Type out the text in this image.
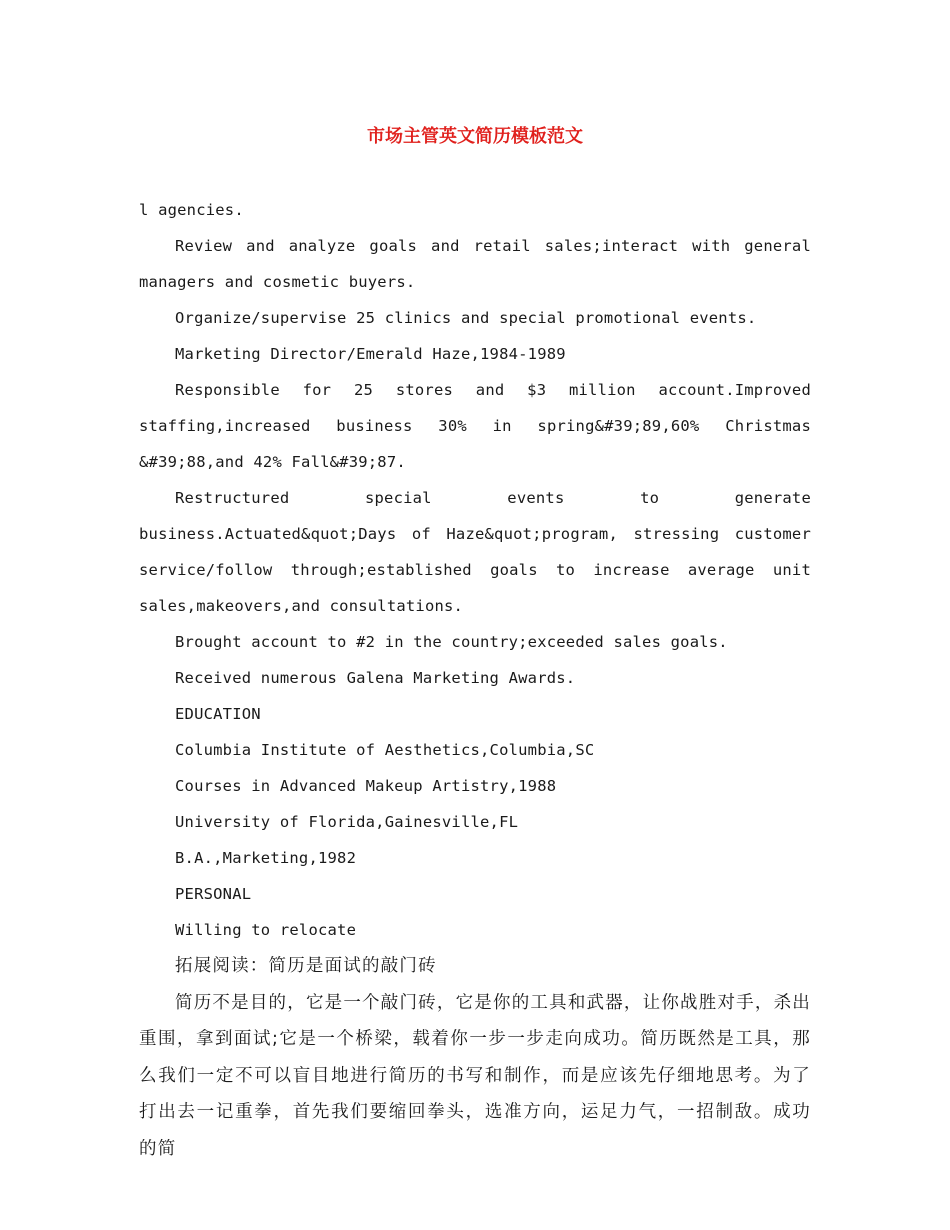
市场主管英文简历模板范文

l agencies.

Review and analyze goals and retail sales;interact with general managers and cosmetic buyers.

Organize/supervise 25 clinics and special promotional events.

Marketing Director/Emerald Haze,1984-1989

Responsible for 25 stores and $3 million account.Improved staffing,increased business 30% in spring&#39;89,60% Christmas &#39;88,and 42% Fall&#39;87.

Restructured special events to generate business.Actuated&quot;Days of Haze&quot;program, stressing customer service/follow through;established goals to increase average unit sales,makeovers,and consultations.

Brought account to #2 in the country;exceeded sales goals.

Received numerous Galena Marketing Awards.

EDUCATION

Columbia Institute of Aesthetics,Columbia,SC

Courses in Advanced Makeup Artistry,1988

University of Florida,Gainesville,FL

B.A.,Marketing,1982

PERSONAL

Willing to relocate

拓展阅读：简历是面试的敲门砖

简历不是目的，它是一个敲门砖，它是你的工具和武器，让你战胜对手，杀出重围，拿到面试;它是一个桥梁，载着你一步一步走向成功。简历既然是工具，那么我们一定不可以盲目地进行简历的书写和制作，而是应该先仔细地思考。为了打出去一记重拳，首先我们要缩回拳头，选准方向，运足力气，一招制敌。成功的简
